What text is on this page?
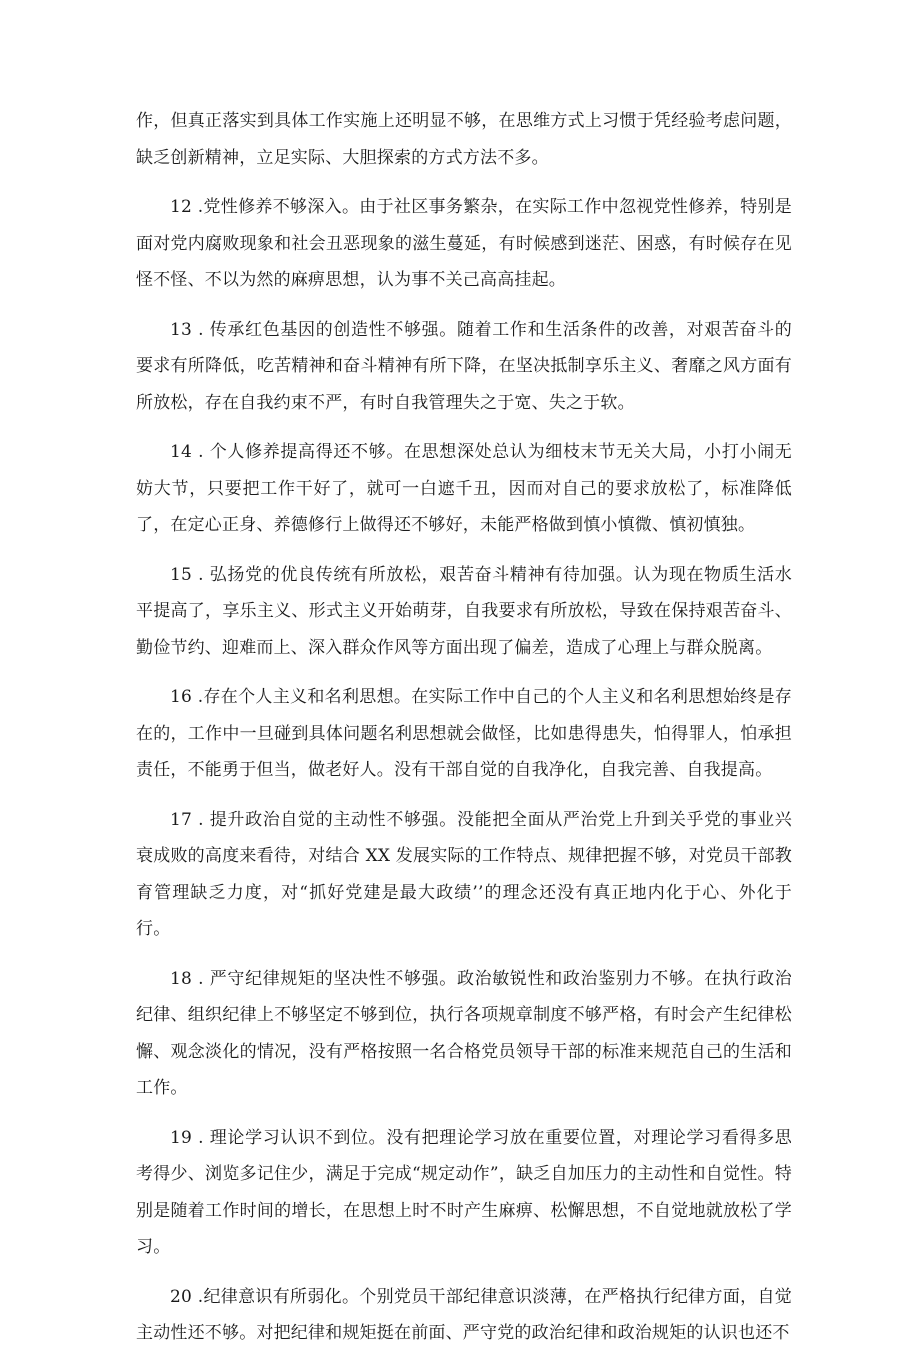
作，但真正落实到具体工作实施上还明显不够，在思维方式上习惯于凭经验考虑问题，缺乏创新精神，立足实际、大胆探索的方式方法不多。

12 .党性修养不够深入。由于社区事务繁杂，在实际工作中忽视党性修养，特别是面对党内腐败现象和社会丑恶现象的滋生蔓延，有时候感到迷茫、困惑，有时候存在见怪不怪、不以为然的麻痹思想，认为事不关己高高挂起。

13 . 传承红色基因的创造性不够强。随着工作和生活条件的改善，对艰苦奋斗的要求有所降低，吃苦精神和奋斗精神有所下降，在坚决抵制享乐主义、奢靡之风方面有所放松，存在自我约束不严，有时自我管理失之于宽、失之于软。

14 . 个人修养提高得还不够。在思想深处总认为细枝末节无关大局，小打小闹无妨大节，只要把工作干好了，就可一白遮千丑，因而对自己的要求放松了，标准降低了，在定心正身、养德修行上做得还不够好，未能严格做到慎小慎微、慎初慎独。

15 . 弘扬党的优良传统有所放松，艰苦奋斗精神有待加强。认为现在物质生活水平提高了，享乐主义、形式主义开始萌芽，自我要求有所放松，导致在保持艰苦奋斗、勤俭节约、迎难而上、深入群众作风等方面出现了偏差，造成了心理上与群众脱离。

16 .存在个人主义和名利思想。在实际工作中自己的个人主义和名利思想始终是存在的，工作中一旦碰到具体问题名利思想就会做怪，比如患得患失，怕得罪人，怕承担责任，不能勇于但当，做老好人。没有干部自觉的自我净化，自我完善、自我提高。

17 . 提升政治自觉的主动性不够强。没能把全面从严治党上升到关乎党的事业兴衰成败的高度来看待，对结合 XX 发展实际的工作特点、规律把握不够，对党员干部教育管理缺乏力度，对“抓好党建是最大政绩’’的理念还没有真正地内化于心、外化于行。

18 . 严守纪律规矩的坚决性不够强。政治敏锐性和政治鉴别力不够。在执行政治纪律、组织纪律上不够坚定不够到位，执行各项规章制度不够严格，有时会产生纪律松懈、观念淡化的情况，没有严格按照一名合格党员领导干部的标准来规范自己的生活和工作。

19 . 理论学习认识不到位。没有把理论学习放在重要位置，对理论学习看得多思考得少、浏览多记住少，满足于完成“规定动作”，缺乏自加压力的主动性和自觉性。特别是随着工作时间的增长，在思想上时不时产生麻痹、松懈思想，不自觉地就放松了学习。

20 .纪律意识有所弱化。个别党员干部纪律意识淡薄，在严格执行纪律方面，自觉主动性还不够。对把纪律和规矩挺在前面、严守党的政治纪律和政治规矩的认识也还不
